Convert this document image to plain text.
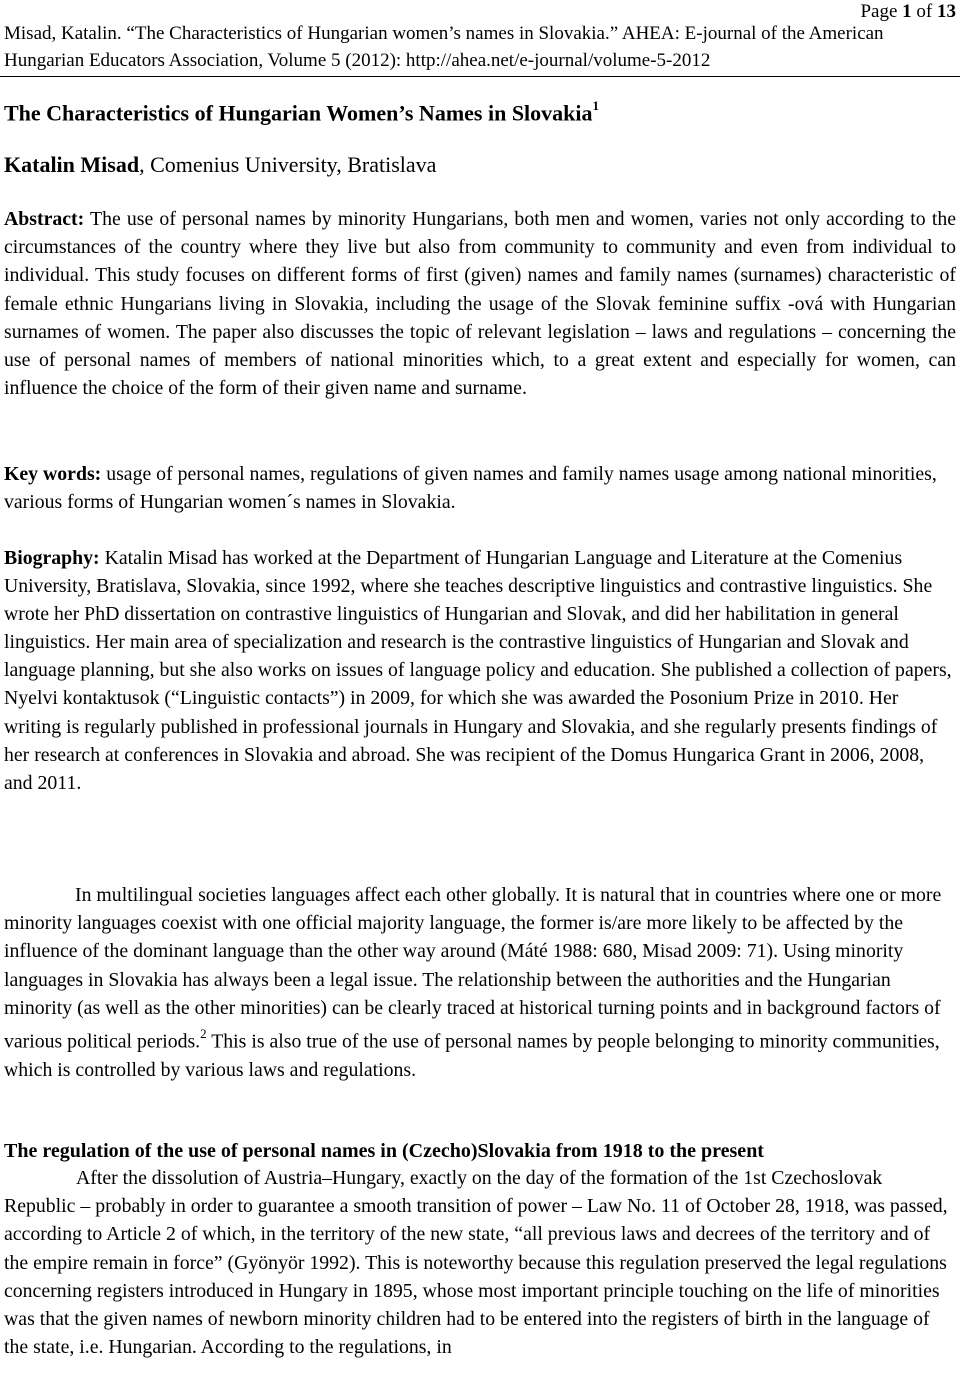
Page 1 of 13
Misad, Katalin. “The Characteristics of Hungarian women’s names in Slovakia.” AHEA: E-journal of the American Hungarian Educators Association, Volume 5 (2012): http://ahea.net/e-journal/volume-5-2012
The Characteristics of Hungarian Women’s Names in Slovakia$^1$
Katalin Misad, Comenius University, Bratislava
Abstract: The use of personal names by minority Hungarians, both men and women, varies not only according to the circumstances of the country where they live but also from community to community and even from individual to individual. This study focuses on different forms of first (given) names and family names (surnames) characteristic of female ethnic Hungarians living in Slovakia, including the usage of the Slovak feminine suffix -ová with Hungarian surnames of women. The paper also discusses the topic of relevant legislation – laws and regulations – concerning the use of personal names of members of national minorities which, to a great extent and especially for women, can influence the choice of the form of their given name and surname.
Key words: usage of personal names, regulations of given names and family names usage among national minorities, various forms of Hungarian women´s names in Slovakia.
Biography: Katalin Misad has worked at the Department of Hungarian Language and Literature at the Comenius University, Bratislava, Slovakia, since 1992, where she teaches descriptive linguistics and contrastive linguistics. She wrote her PhD dissertation on contrastive linguistics of Hungarian and Slovak, and did her habilitation in general linguistics. Her main area of specialization and research is the contrastive linguistics of Hungarian and Slovak and language planning, but she also works on issues of language policy and education. She published a collection of papers, Nyelvi kontaktusok (“Linguistic contacts”) in 2009, for which she was awarded the Posonium Prize in 2010. Her writing is regularly published in professional journals in Hungary and Slovakia, and she regularly presents findings of her research at conferences in Slovakia and abroad. She was recipient of the Domus Hungarica Grant in 2006, 2008, and 2011.
In multilingual societies languages affect each other globally. It is natural that in countries where one or more minority languages coexist with one official majority language, the former is/are more likely to be affected by the influence of the dominant language than the other way around (Máté 1988: 680, Misad 2009: 71). Using minority languages in Slovakia has always been a legal issue. The relationship between the authorities and the Hungarian minority (as well as the other minorities) can be clearly traced at historical turning points and in background factors of various political periods.$^2$ This is also true of the use of personal names by people belonging to minority communities, which is controlled by various laws and regulations.
The regulation of the use of personal names in (Czecho)Slovakia from 1918 to the present
After the dissolution of Austria–Hungary, exactly on the day of the formation of the 1st Czechoslovak Republic – probably in order to guarantee a smooth transition of power – Law No. 11 of October 28, 1918, was passed, according to Article 2 of which, in the territory of the new state, “all previous laws and decrees of the territory and of the empire remain in force” (Gyönyör 1992). This is noteworthy because this regulation preserved the legal regulations concerning registers introduced in Hungary in 1895, whose most important principle touching on the life of minorities was that the given names of newborn minority children had to be entered into the registers of birth in the language of the state, i.e. Hungarian. According to the regulations, in
